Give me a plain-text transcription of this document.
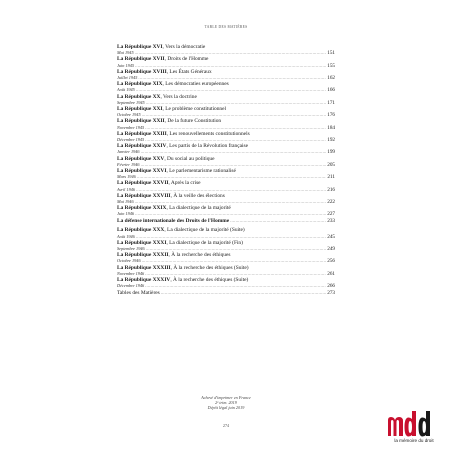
TABLE DES MATIÈRES
La République XVI, Vers la démocratie
Mai 1945 .....	151
La République XVII, Droits de l'Homme
Juin 1945 .....	155
La République XVIII, Les États Généraux
Juillet 1945 .....	162
La République XIX, Les démocraties européennes
Août 1945 .....	166
La République XX, Vers la doctrine
Septembre 1945 .....	171
La République XXI, Le problème constitutionnel
Octobre 1945 .....	176
La République XXII, De la future Constitution
Novembre 1945 .....	184
La République XXIII, Les renouvellements constitutionnels
Décembre 1945 .....	192
La République XXIV, Les partis de la Révolution française
Janvier 1946 .....	199
La République XXV, Du social au politique
Février 1946 .....	205
La République XXVI, Le parlementarisme rationalisé
Mars 1946 .....	211
La République XXVII, Après la crise
Avril 1946 .....	216
La République XXVIII, À la veille des élections
Mai 1946 .....	222
La République XXIX, La dialectique de la majorité
Juin 1946 .....	227
La défense internationale des Droits de l'Homme .....	233
La République XXX, La dialectique de la majorité (Suite)
Août 1946 .....	245
La République XXXI, La dialectique de la majorité (Fin)
Septembre 1946 .....	249
La République XXXII, À la recherche des éthiques
Octobre 1946 .....	256
La République XXXIII, À la recherche des éthiques (Suite)
Novembre 1946 .....	261
La République XXXIV, À la recherche des éthiques (Suite)
Décembre 1946 .....	266
Tables des Matières .....	273
Achevé d'imprimer en France
2ᵉ trim. 2019
Dépôt légal juin 2019
274
la mémoire du droit
